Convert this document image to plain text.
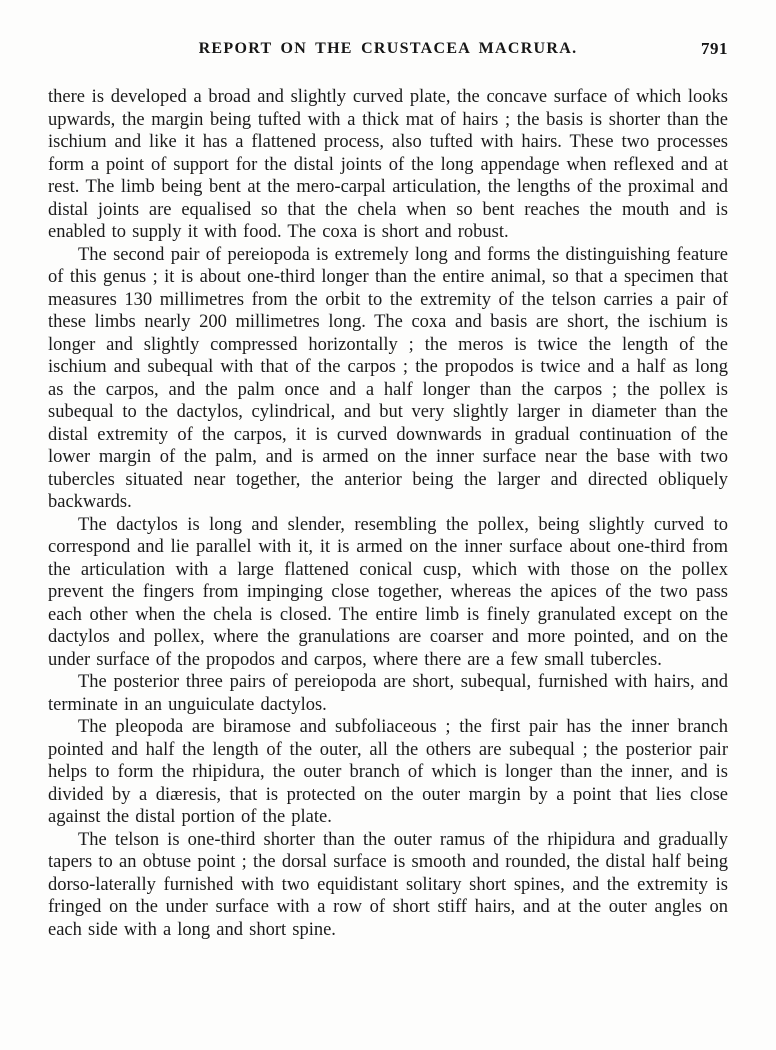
REPORT ON THE CRUSTACEA MACRURA.	791

there is developed a broad and slightly curved plate, the concave surface of which looks upwards, the margin being tufted with a thick mat of hairs ; the basis is shorter than the ischium and like it has a flattened process, also tufted with hairs. These two processes form a point of support for the distal joints of the long appendage when reflexed and at rest. The limb being bent at the mero-carpal articulation, the lengths of the proximal and distal joints are equalised so that the chela when so bent reaches the mouth and is enabled to supply it with food. The coxa is short and robust.

The second pair of pereiopoda is extremely long and forms the distinguishing feature of this genus ; it is about one-third longer than the entire animal, so that a specimen that measures 130 millimetres from the orbit to the extremity of the telson carries a pair of these limbs nearly 200 millimetres long. The coxa and basis are short, the ischium is longer and slightly compressed horizontally ; the meros is twice the length of the ischium and subequal with that of the carpos ; the propodos is twice and a half as long as the carpos, and the palm once and a half longer than the carpos ; the pollex is subequal to the dactylos, cylindrical, and but very slightly larger in diameter than the distal extremity of the carpos, it is curved downwards in gradual continuation of the lower margin of the palm, and is armed on the inner surface near the base with two tubercles situated near together, the anterior being the larger and directed obliquely backwards.

The dactylos is long and slender, resembling the pollex, being slightly curved to correspond and lie parallel with it, it is armed on the inner surface about one-third from the articulation with a large flattened conical cusp, which with those on the pollex prevent the fingers from impinging close together, whereas the apices of the two pass each other when the chela is closed. The entire limb is finely granulated except on the dactylos and pollex, where the granulations are coarser and more pointed, and on the under surface of the propodos and carpos, where there are a few small tubercles.

The posterior three pairs of pereiopoda are short, subequal, furnished with hairs, and terminate in an unguiculate dactylos.

The pleopoda are biramose and subfoliaceous ; the first pair has the inner branch pointed and half the length of the outer, all the others are subequal ; the posterior pair helps to form the rhipidura, the outer branch of which is longer than the inner, and is divided by a diæresis, that is protected on the outer margin by a point that lies close against the distal portion of the plate.

The telson is one-third shorter than the outer ramus of the rhipidura and gradually tapers to an obtuse point ; the dorsal surface is smooth and rounded, the distal half being dorso-laterally furnished with two equidistant solitary short spines, and the extremity is fringed on the under surface with a row of short stiff hairs, and at the outer angles on each side with a long and short spine.
